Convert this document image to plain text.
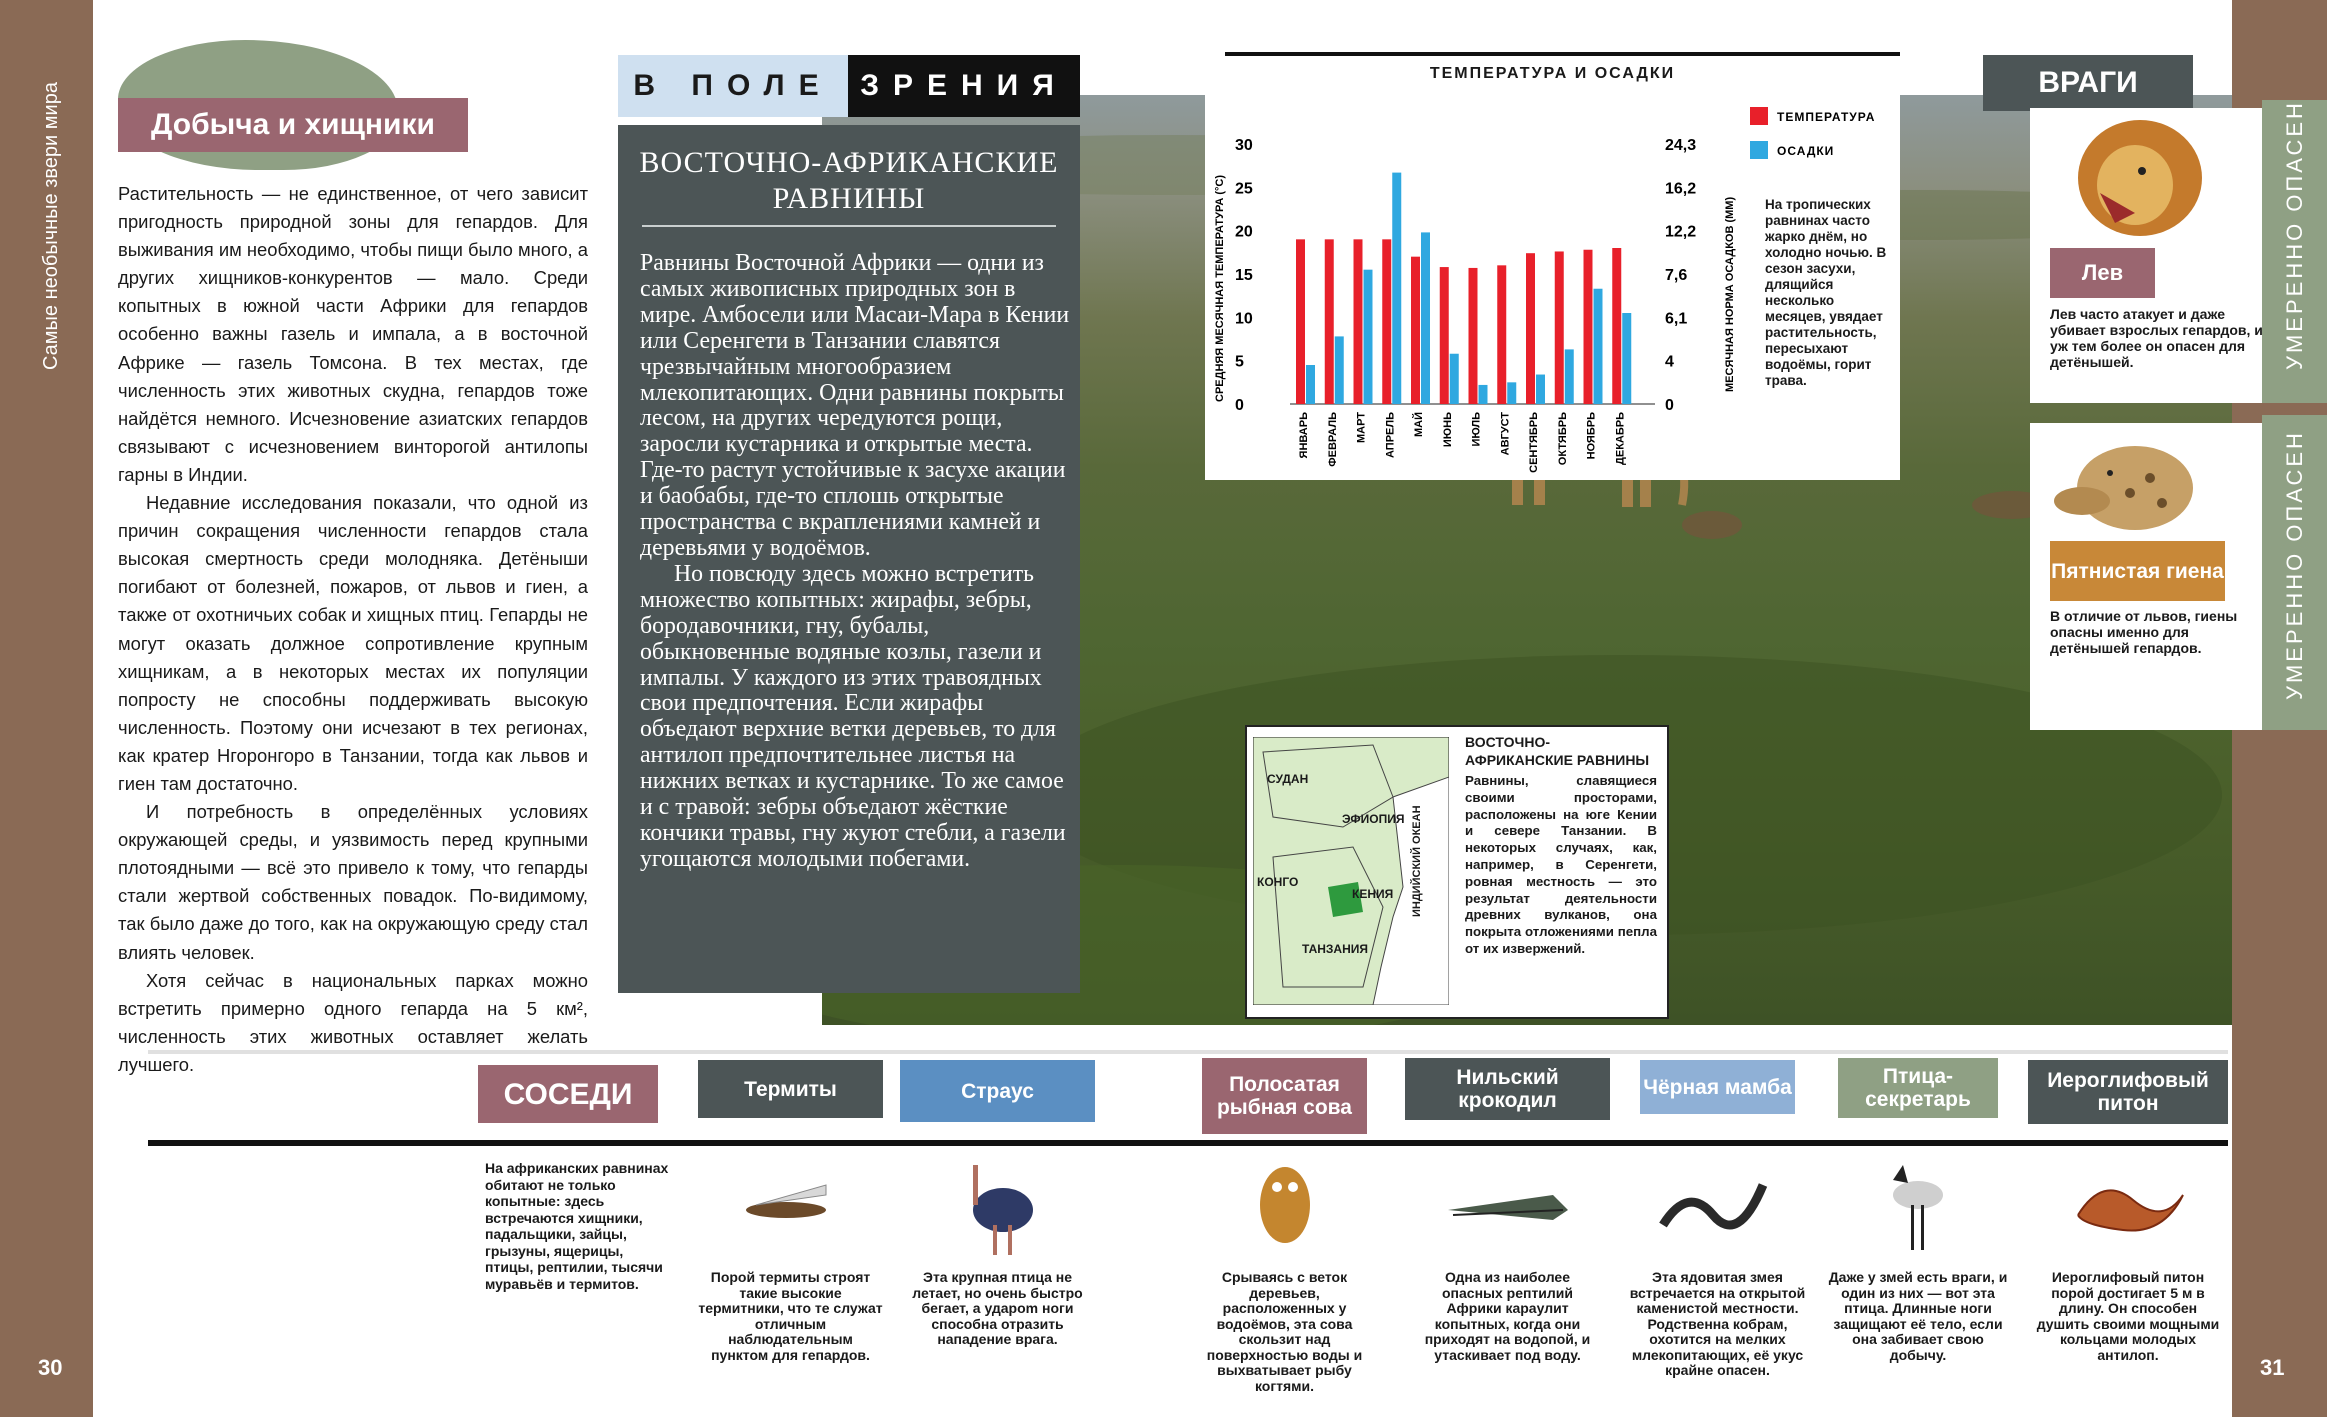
Самые необычные звери мира
30	31
Добыча и хищники

Растительность — не единственное, от чего зависит пригодность природной зоны для гепардов. Для выживания им необходимо, чтобы пищи было много, а других хищников-конкурентов — мало. Среди копытных в южной части Африки для гепардов особенно важны газель и импала, а в восточной Африке — газель Томсона. В тех местах, где численность этих животных скудна, гепардов тоже найдётся немного. Исчезновение азиатских гепардов связывают с исчезновением винторогой антилопы гарны в Индии.

Недавние исследования показали, что одной из причин сокращения численности гепардов стала высокая смертность среди молодняка. Детёныши погибают от болезней, пожаров, от львов и гиен, а также от охотничьих собак и хищных птиц. Гепарды не могут оказать должное сопротивление крупным хищникам, а в некоторых местах их популяции попросту не способны поддерживать высокую численность. Поэтому они исчезают в тех регионах, как кратер Нгоронгоро в Танзании, тогда как львов и гиен там достаточно.

И потребность в определённых условиях окружающей среды, и уязвимость перед крупными плотоядными — всё это привело к тому, что гепарды стали жертвой собственных повадок. По-видимому, так было даже до того, как на окружающую среду стал влиять человек.

Хотя сейчас в национальных парках можно встретить примерно одного гепарда на 5 км², численность этих животных оставляет желать лучшего.

В ПОЛЕ ЗРЕНИЯ
ВОСТОЧНО-АФРИКАНСКИЕ РАВНИНЫ

Равнины Восточной Африки — одни из самых живописных природных зон в мире. Амбосели или Масаи-Мара в Кении или Серенгети в Танзании славятся чрезвычайным многообразием млекопитающих. Одни равнины покрыты лесом, на других чередуются рощи, заросли кустарника и открытые места. Где-то растут устойчивые к засухе акации и баобабы, где-то сплошь открытые пространства с вкраплениями камней и деревьями у водоёмов.

Но повсюду здесь можно встретить множество копытных: жирафы, зебры, бородавочники, гну, бубалы, обыкновенные водяные козлы, газели и импалы. У каждого из этих травоядных свои предпочтения. Если жирафы объедают верхние ветки деревьев, то для антилоп предпочтительнее листья на нижних ветках и кустарнике. То же самое и с травой: зебры объедают жёсткие кончики травы, гну жуют стебли, а газели угощаются молодыми побегами.

ТЕМПЕРАТУРА И ОСАДКИ
30	24,3
25	16,2
20	12,2
15	7,6
10	6,1
5	4
0	0
ЯНВАРЬ ФЕВРАЛЬ МАРТ АПРЕЛЬ МАЙ ИЮНЬ ИЮЛЬ АВГУСТ СЕНТЯБРЬ ОКТЯБРЬ НОЯБРЬ ДЕКАБРЬ
СРЕДНЯЯ МЕСЯЧНАЯ ТЕМПЕРАТУРА (°С)	МЕСЯЧНАЯ НОРМА ОСАДКОВ (ММ)
ТЕМПЕРАТУРА
ОСАДКИ
На тропических равнинах часто жарко днём, но холодно ночью. В сезон засухи, длящийся несколько месяцев, увядает растительность, пересыхают водоёмы, горит трава.
СУДАН
ЭФИОПИЯ
КОНГО
КЕНИЯ
ТАНЗАНИЯ
ВОСТОЧНО-АФРИКАНСКИЕ РАВНИНЫ
Равнины, славящиеся своими просторами, расположены на юге Кении и севере Танзании. В некоторых случаях, как, например, в Серенгети, ровная местность — это результат деятельности древних вулканов, она покрыта отложениями пепла от их извержений.
ВРАГИ
УМЕРЕННО ОПАСЕН
УМЕРЕННО ОПАСЕН
Лев
Лев часто атакует и даже убивает взрослых гепардов, и уж тем более он опасен для детёнышей.
Пятнистая гиена
В отличие от львов, гиены опасны именно для детёнышей гепардов.
СОСЕДИ
На африканских равнинах обитают не только копытные: здесь встречаются хищники, падальщики, зайцы, грызуны, ящерицы, птицы, рептилии, тысячи муравьёв и термитов.
Термиты
Порой термиты строят такие высокие термитники, что те служат отличным наблюдательным пунктом для гепардов.
Страус
Эта крупная птица не летает, но очень быстро бегает, а удароm ноги способна отразить нападение врага.
Полосатая рыбная сова
Срываясь с веток деревьев, расположенных у водоёмов, эта сова скользит над поверхностью воды и выхватывает рыбу когтями.
Нильский крокодил
Одна из наиболее опасных рептилий Африки караулит копытных, когда они приходят на водопой, и утаскивает под воду.
Чёрная мамба
Эта ядовитая змея встречается на открытой каменистой местности. Родственна кобрам, охотится на мелких млекопитающих, её укус крайне опасен.
Птица-секретарь
Даже у змей есть враги, и один из них — вот эта птица. Длинные ноги защищают её тело, если она забивает свою добычу.
Иероглифовый питон
Иероглифовый питон порой достигает 5 м в длину. Он способен душить своими мощными кольцами молодых антилоп.
